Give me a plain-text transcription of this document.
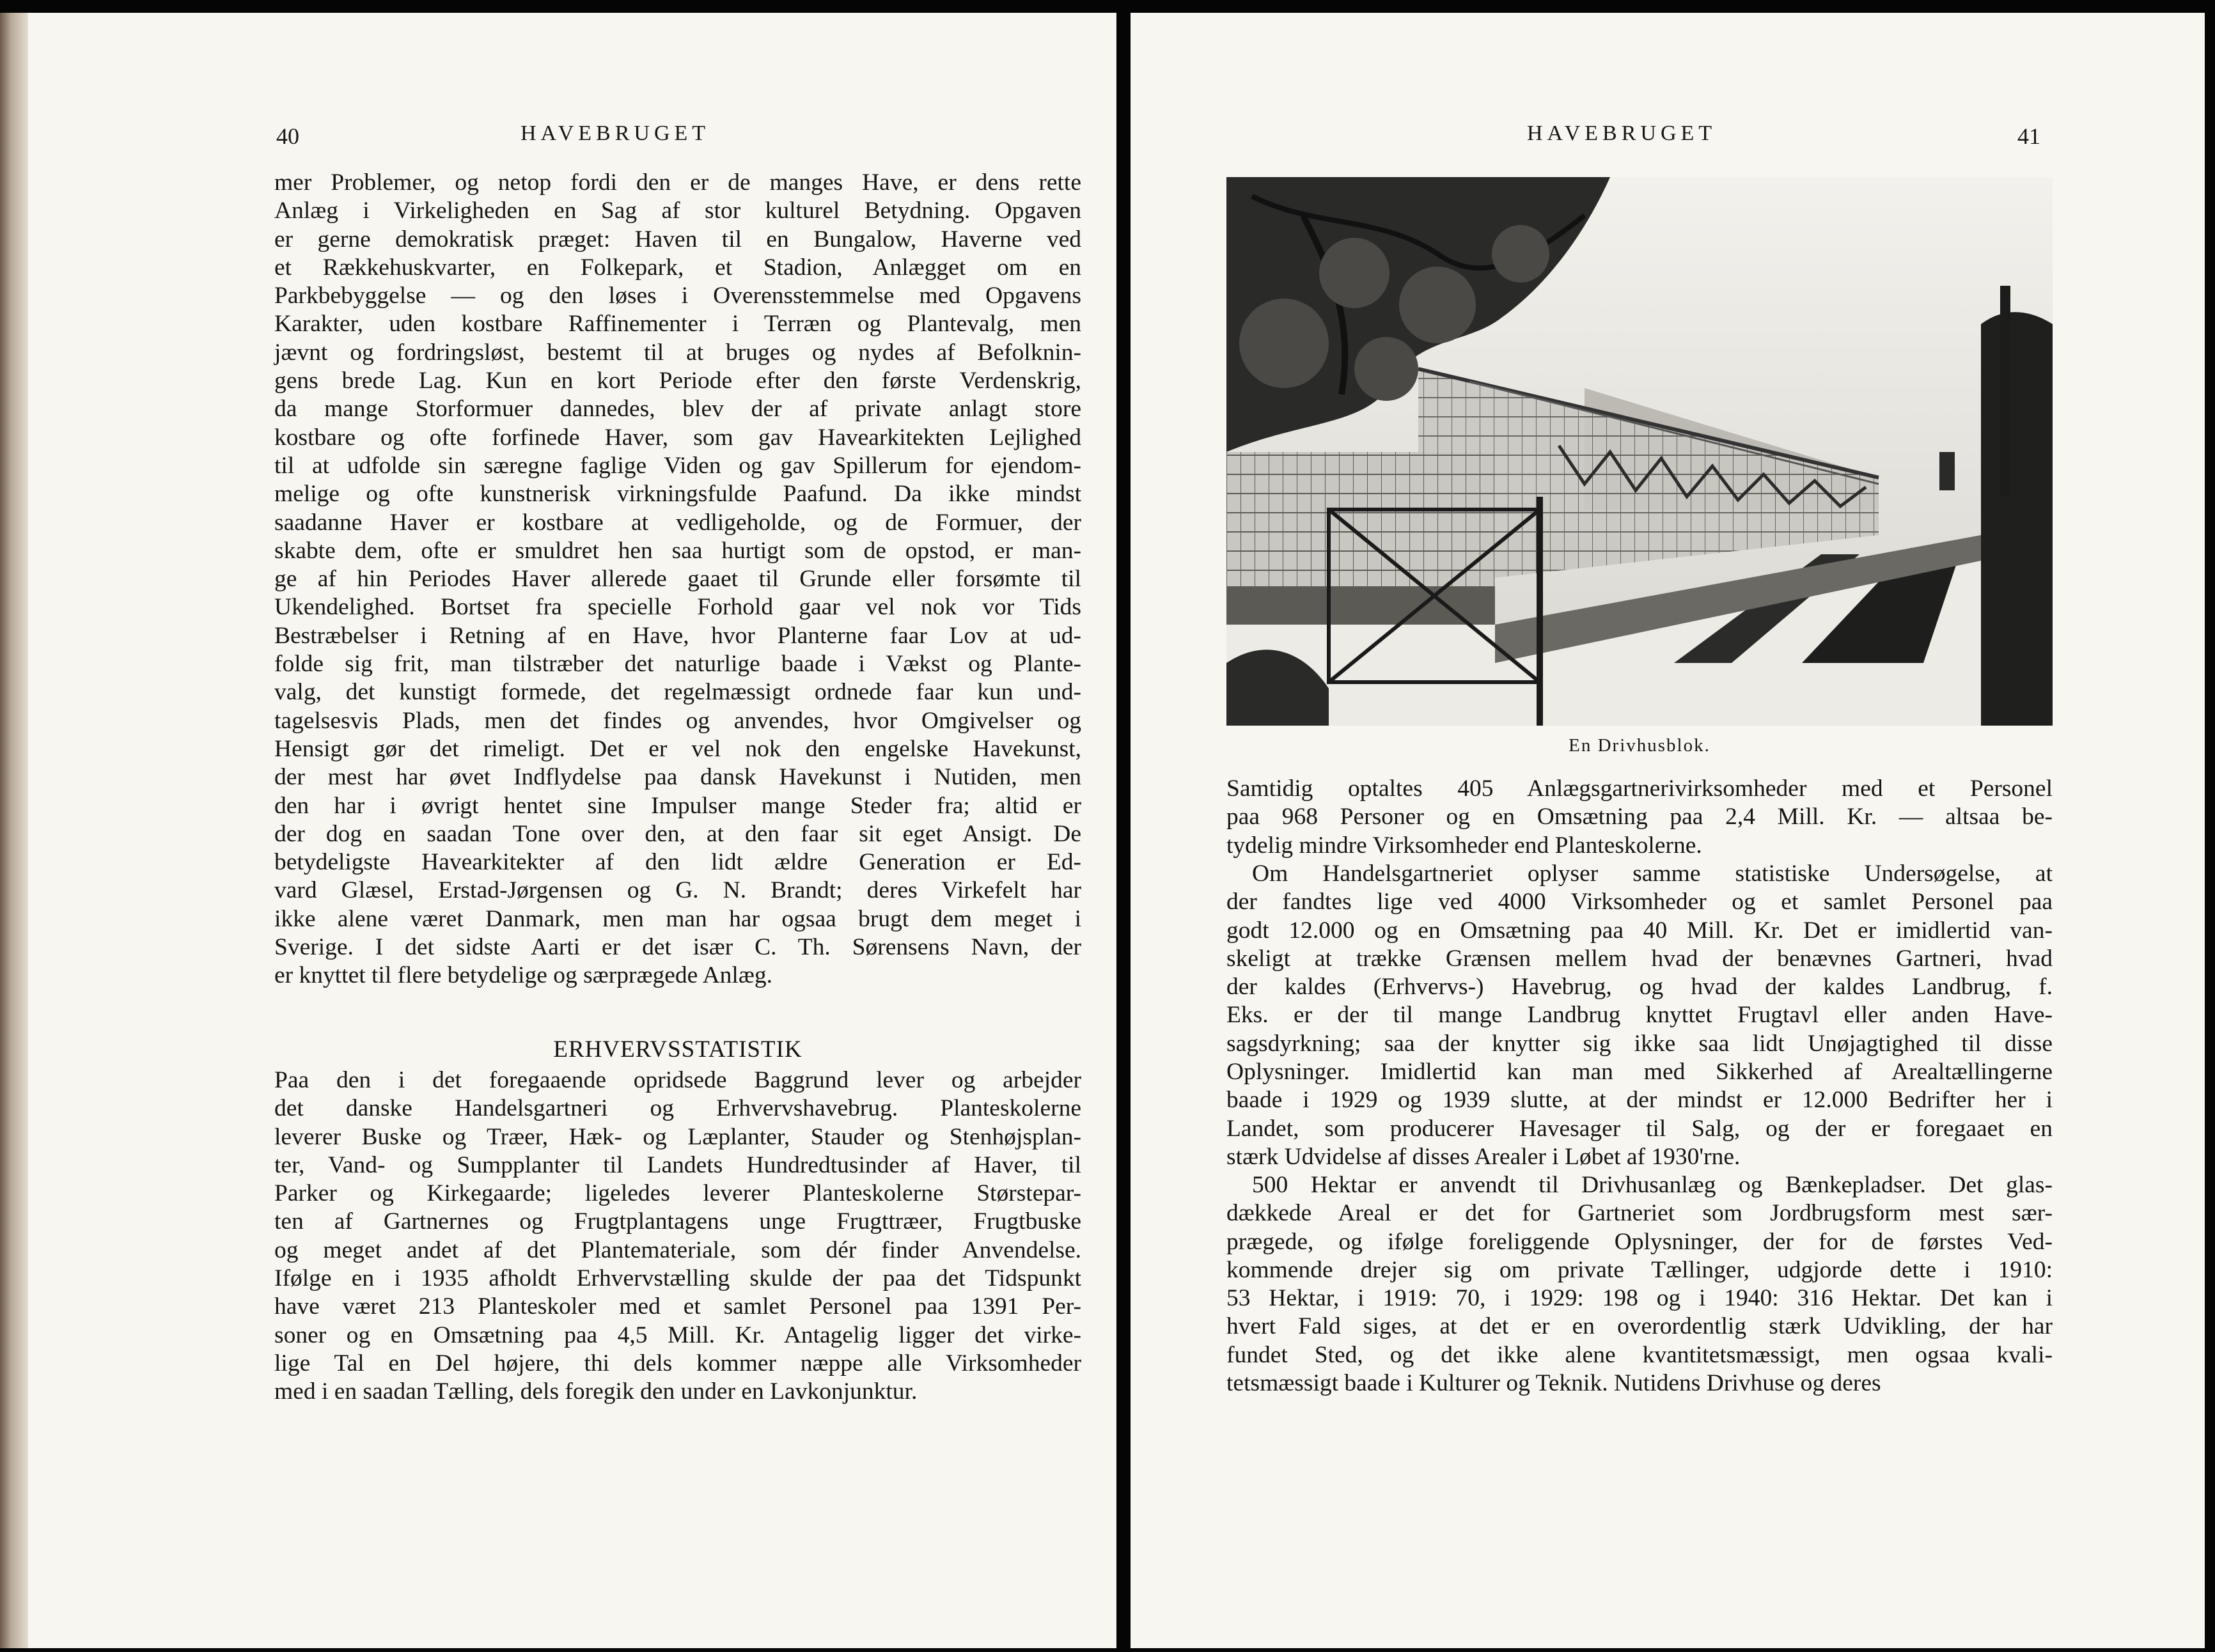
40	HAVEBRUGET
mer Problemer, og netop fordi den er de manges Have, er dens rette
Anlæg i Virkeligheden en Sag af stor kulturel Betydning. Opgaven
er gerne demokratisk præget: Haven til en Bungalow, Haverne ved
et Rækkehuskvarter, en Folkepark, et Stadion, Anlægget om en
Parkbebyggelse — og den løses i Overensstemmelse med Opgavens
Karakter, uden kostbare Raffinementer i Terræn og Plantevalg, men
jævnt og fordringsløst, bestemt til at bruges og nydes af Befolknin-
gens brede Lag. Kun en kort Periode efter den første Verdenskrig,
da mange Storformuer dannedes, blev der af private anlagt store
kostbare og ofte forfinede Haver, som gav Havearkitekten Lejlighed
til at udfolde sin særegne faglige Viden og gav Spillerum for ejendom-
melige og ofte kunstnerisk virkningsfulde Paafund. Da ikke mindst
saadanne Haver er kostbare at vedligeholde, og de Formuer, der
skabte dem, ofte er smuldret hen saa hurtigt som de opstod, er man-
ge af hin Periodes Haver allerede gaaet til Grunde eller forsømte til
Ukendelighed. Bortset fra specielle Forhold gaar vel nok vor Tids
Bestræbelser i Retning af en Have, hvor Planterne faar Lov at ud-
folde sig frit, man tilstræber det naturlige baade i Vækst og Plante-
valg, det kunstigt formede, det regelmæssigt ordnede faar kun und-
tagelsesvis Plads, men det findes og anvendes, hvor Omgivelser og
Hensigt gør det rimeligt. Det er vel nok den engelske Havekunst,
der mest har øvet Indflydelse paa dansk Havekunst i Nutiden, men
den har i øvrigt hentet sine Impulser mange Steder fra; altid er
der dog en saadan Tone over den, at den faar sit eget Ansigt. De
betydeligste Havearkitekter af den lidt ældre Generation er Ed-
vard Glæsel, Erstad-Jørgensen og G. N. Brandt; deres Virkefelt har
ikke alene været Danmark, men man har ogsaa brugt dem meget i
Sverige. I det sidste Aarti er det især C. Th. Sørensens Navn, der
er knyttet til flere betydelige og særprægede Anlæg.
ERHVERVSSTATISTIK
Paa den i det foregaaende opridsede Baggrund lever og arbejder
det danske Handelsgartneri og Erhvervshavebrug. Planteskolerne
leverer Buske og Træer, Hæk- og Læplanter, Stauder og Stenhøjsplan-
ter, Vand- og Sumpplanter til Landets Hundredtusinder af Haver, til
Parker og Kirkegaarde; ligeledes leverer Planteskolerne Størstepar-
ten af Gartnernes og Frugtplantagens unge Frugttræer, Frugtbuske
og meget andet af det Plantemateriale, som dér finder Anvendelse.
Ifølge en i 1935 afholdt Erhvervstælling skulde der paa det Tidspunkt
have været 213 Planteskoler med et samlet Personel paa 1391 Per-
soner og en Omsætning paa 4,5 Mill. Kr. Antagelig ligger det virke-
lige Tal en Del højere, thi dels kommer næppe alle Virksomheder
med i en saadan Tælling, dels foregik den under en Lavkonjunktur.
HAVEBRUGET	41
En Drivhusblok.
Samtidig optaltes 405 Anlægsgartnerivirksomheder med et Personel
paa 968 Personer og en Omsætning paa 2,4 Mill. Kr. — altsaa be-
tydelig mindre Virksomheder end Planteskolerne.
Om Handelsgartneriet oplyser samme statistiske Undersøgelse, at
der fandtes lige ved 4000 Virksomheder og et samlet Personel paa
godt 12.000 og en Omsætning paa 40 Mill. Kr. Det er imidlertid van-
skeligt at trække Grænsen mellem hvad der benævnes Gartneri, hvad
der kaldes (Erhvervs-) Havebrug, og hvad der kaldes Landbrug, f.
Eks. er der til mange Landbrug knyttet Frugtavl eller anden Have-
sagsdyrkning; saa der knytter sig ikke saa lidt Unøjagtighed til disse
Oplysninger. Imidlertid kan man med Sikkerhed af Arealtællingerne
baade i 1929 og 1939 slutte, at der mindst er 12.000 Bedrifter her i
Landet, som producerer Havesager til Salg, og der er foregaaet en
stærk Udvidelse af disses Arealer i Løbet af 1930'rne.
500 Hektar er anvendt til Drivhusanlæg og Bænkepladser. Det glas-
dækkede Areal er det for Gartneriet som Jordbrugsform mest sær-
prægede, og ifølge foreliggende Oplysninger, der for de førstes Ved-
kommende drejer sig om private Tællinger, udgjorde dette i 1910:
53 Hektar, i 1919: 70, i 1929: 198 og i 1940: 316 Hektar. Det kan i
hvert Fald siges, at det er en overordentlig stærk Udvikling, der har
fundet Sted, og det ikke alene kvantitetsmæssigt, men ogsaa kvali-
tetsmæssigt baade i Kulturer og Teknik. Nutidens Drivhuse og deres
